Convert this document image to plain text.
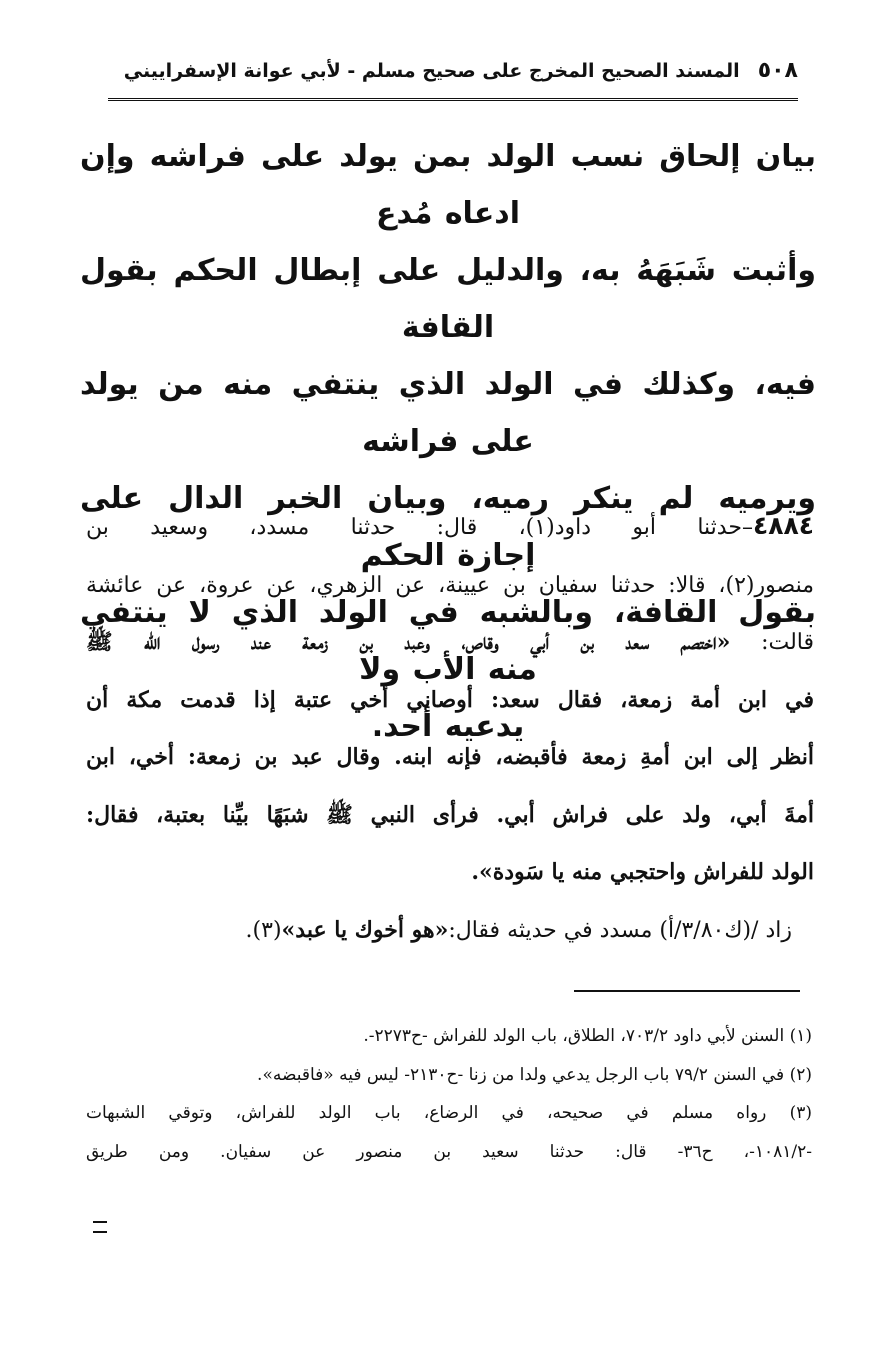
٥٠٨
المسند الصحيح المخرج على صحيح مسلم - لأبي عوانة الإسفراييني
بيان إلحاق نسب الولد بمن يولد على فراشه وإن ادعاه مُدع
وأثبت شَبَهَهُ به، والدليل على إبطال الحكم بقول القافة
فيه، وكذلك في الولد الذي ينتفي منه من يولد على فراشه
ويرميه لم ينكر رميه، وبيان الخبر الدال على إجازة الحكم
بقول القافة، وبالشبه في الولد الذي لا ينتفي منه الأب ولا
يدعيه أحد.
٤٨٨٤–حدثنا أبو داود(١)، قال: حدثنا مسدد، وسعيد بن
منصور(٢)، قالا: حدثنا سفيان بن عيينة، عن الزهري، عن عروة، عن عائشة
قالت: «اختصم سعد بن أبي وقاص، وعبد بن زمعة عند رسول الله ﷺ
في ابن أمة زمعة، فقال سعد: أوصاني أخي عتبة إذا قدمت مكة أن
أنظر إلى ابن أمةِ زمعة فأقبضه، فإنه ابنه. وقال عبد بن زمعة: أخي، ابن
أمةَ أبي، ولد على فراش أبي. فرأى النبي ﷺ شبَهًا بيِّنا بعتبة، فقال:
الولد للفراش واحتجبي منه يا سَودة».
 زاد /(ك٣/٨٠/أ) مسدد في حديثه فقال:«هو أخوك يا عبد»(٣).
(١) السنن لأبي داود ٧٠٣/٢، الطلاق، باب الولد للفراش -ح٢٢٧٣-.
(٢) في السنن ٧٩/٢ باب الرجل يدعي ولدا من زنا -ح٢١٣٠- ليس فيه «فاقبضه».
(٣) رواه مسلم في صحيحه، في الرضاع، باب الولد للفراش، وتوقي الشبهات
-١٠٨١/٢-، ح٣٦- قال: حدثنا سعيد بن منصور عن سفيان. ومن طريق
